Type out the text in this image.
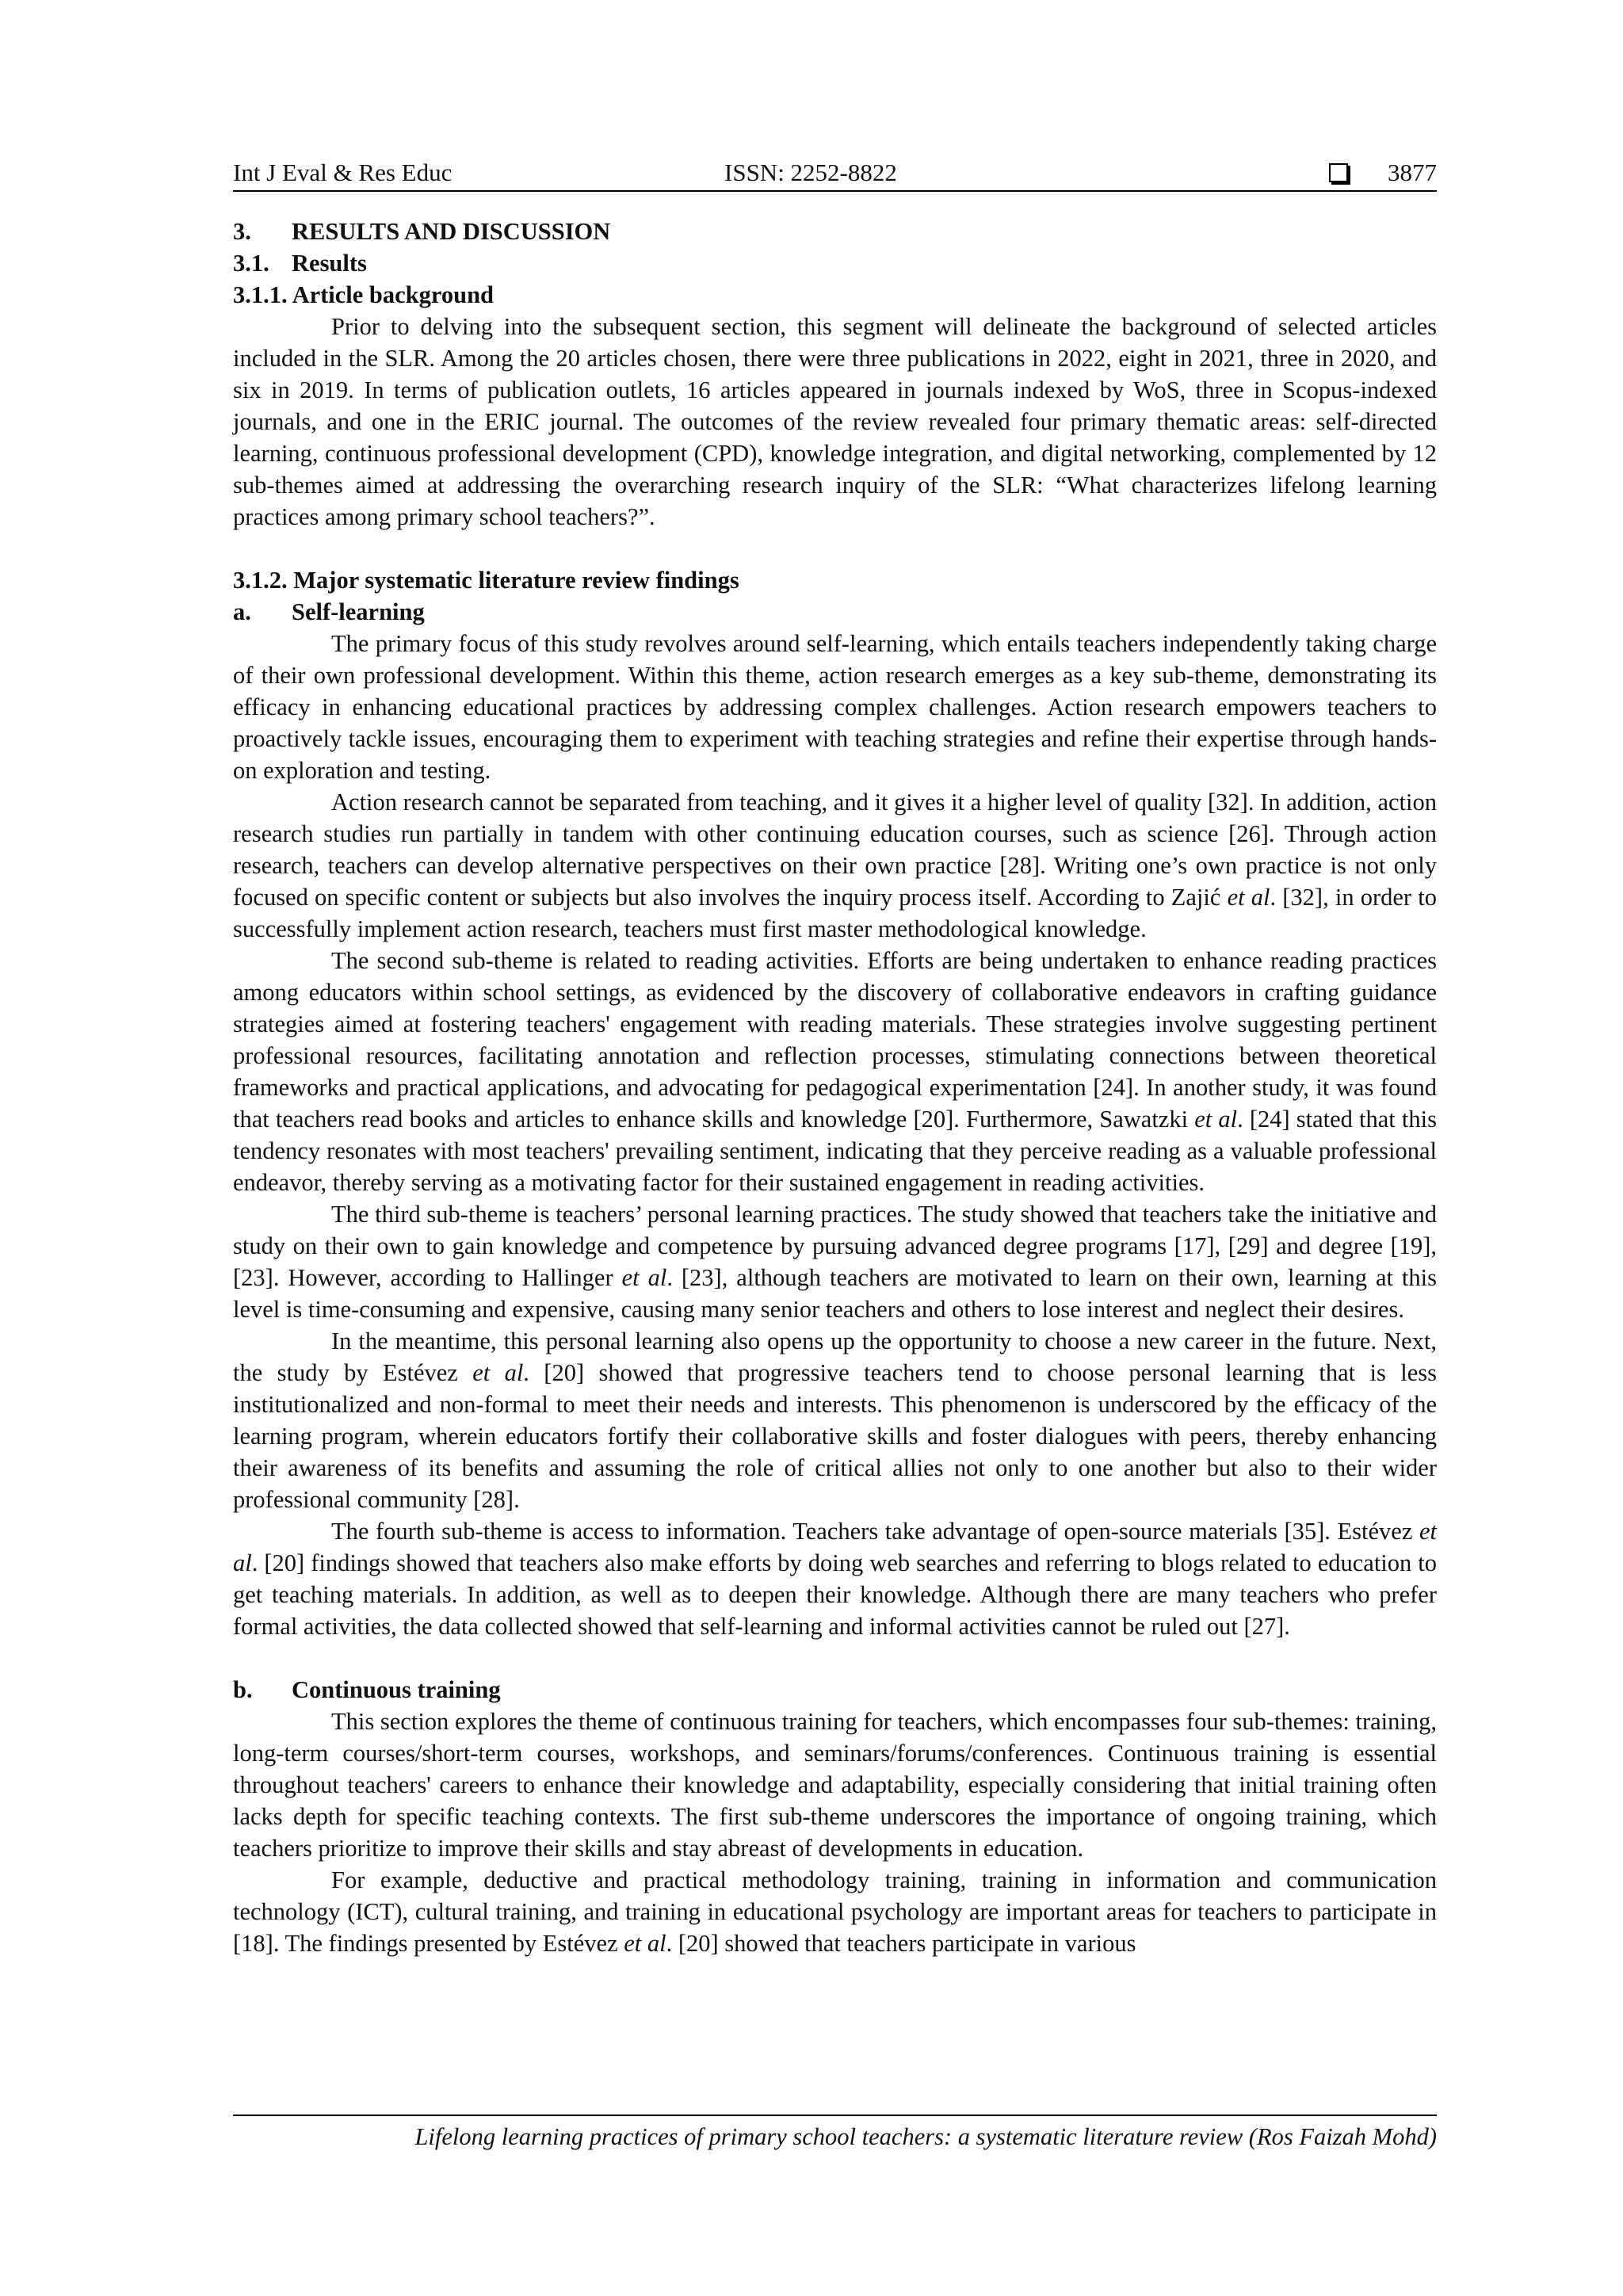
Int J Eval & Res Educ	ISSN: 2252-8822	3877
3. RESULTS AND DISCUSSION
3.1. Results
3.1.1. Article background

Prior to delving into the subsequent section, this segment will delineate the background of selected articles included in the SLR. Among the 20 articles chosen, there were three publications in 2022, eight in 2021, three in 2020, and six in 2019. In terms of publication outlets, 16 articles appeared in journals indexed by WoS, three in Scopus-indexed journals, and one in the ERIC journal. The outcomes of the review revealed four primary thematic areas: self-directed learning, continuous professional development (CPD), knowledge integration, and digital networking, complemented by 12 sub-themes aimed at addressing the overarching research inquiry of the SLR: “What characterizes lifelong learning practices among primary school teachers?”.

3.1.2. Major systematic literature review findings
a. Self-learning

The primary focus of this study revolves around self-learning, which entails teachers independently taking charge of their own professional development. Within this theme, action research emerges as a key sub-theme, demonstrating its efficacy in enhancing educational practices by addressing complex challenges. Action research empowers teachers to proactively tackle issues, encouraging them to experiment with teaching strategies and refine their expertise through hands-on exploration and testing.

Action research cannot be separated from teaching, and it gives it a higher level of quality [32]. In addition, action research studies run partially in tandem with other continuing education courses, such as science [26]. Through action research, teachers can develop alternative perspectives on their own practice [28]. Writing one’s own practice is not only focused on specific content or subjects but also involves the inquiry process itself. According to Zajić et al. [32], in order to successfully implement action research, teachers must first master methodological knowledge.

The second sub-theme is related to reading activities. Efforts are being undertaken to enhance reading practices among educators within school settings, as evidenced by the discovery of collaborative endeavors in crafting guidance strategies aimed at fostering teachers' engagement with reading materials. These strategies involve suggesting pertinent professional resources, facilitating annotation and reflection processes, stimulating connections between theoretical frameworks and practical applications, and advocating for pedagogical experimentation [24]. In another study, it was found that teachers read books and articles to enhance skills and knowledge [20]. Furthermore, Sawatzki et al. [24] stated that this tendency resonates with most teachers' prevailing sentiment, indicating that they perceive reading as a valuable professional endeavor, thereby serving as a motivating factor for their sustained engagement in reading activities.

The third sub-theme is teachers’ personal learning practices. The study showed that teachers take the initiative and study on their own to gain knowledge and competence by pursuing advanced degree programs [17], [29] and degree [19], [23]. However, according to Hallinger et al. [23], although teachers are motivated to learn on their own, learning at this level is time-consuming and expensive, causing many senior teachers and others to lose interest and neglect their desires.

In the meantime, this personal learning also opens up the opportunity to choose a new career in the future. Next, the study by Estévez et al. [20] showed that progressive teachers tend to choose personal learning that is less institutionalized and non-formal to meet their needs and interests. This phenomenon is underscored by the efficacy of the learning program, wherein educators fortify their collaborative skills and foster dialogues with peers, thereby enhancing their awareness of its benefits and assuming the role of critical allies not only to one another but also to their wider professional community [28].

The fourth sub-theme is access to information. Teachers take advantage of open-source materials [35]. Estévez et al. [20] findings showed that teachers also make efforts by doing web searches and referring to blogs related to education to get teaching materials. In addition, as well as to deepen their knowledge. Although there are many teachers who prefer formal activities, the data collected showed that self-learning and informal activities cannot be ruled out [27].

b. Continuous training

This section explores the theme of continuous training for teachers, which encompasses four sub-themes: training, long-term courses/short-term courses, workshops, and seminars/forums/conferences. Continuous training is essential throughout teachers' careers to enhance their knowledge and adaptability, especially considering that initial training often lacks depth for specific teaching contexts. The first sub-theme underscores the importance of ongoing training, which teachers prioritize to improve their skills and stay abreast of developments in education.

For example, deductive and practical methodology training, training in information and communication technology (ICT), cultural training, and training in educational psychology are important areas for teachers to participate in [18]. The findings presented by Estévez et al. [20] showed that teachers participate in various

Lifelong learning practices of primary school teachers: a systematic literature review (Ros Faizah Mohd)
